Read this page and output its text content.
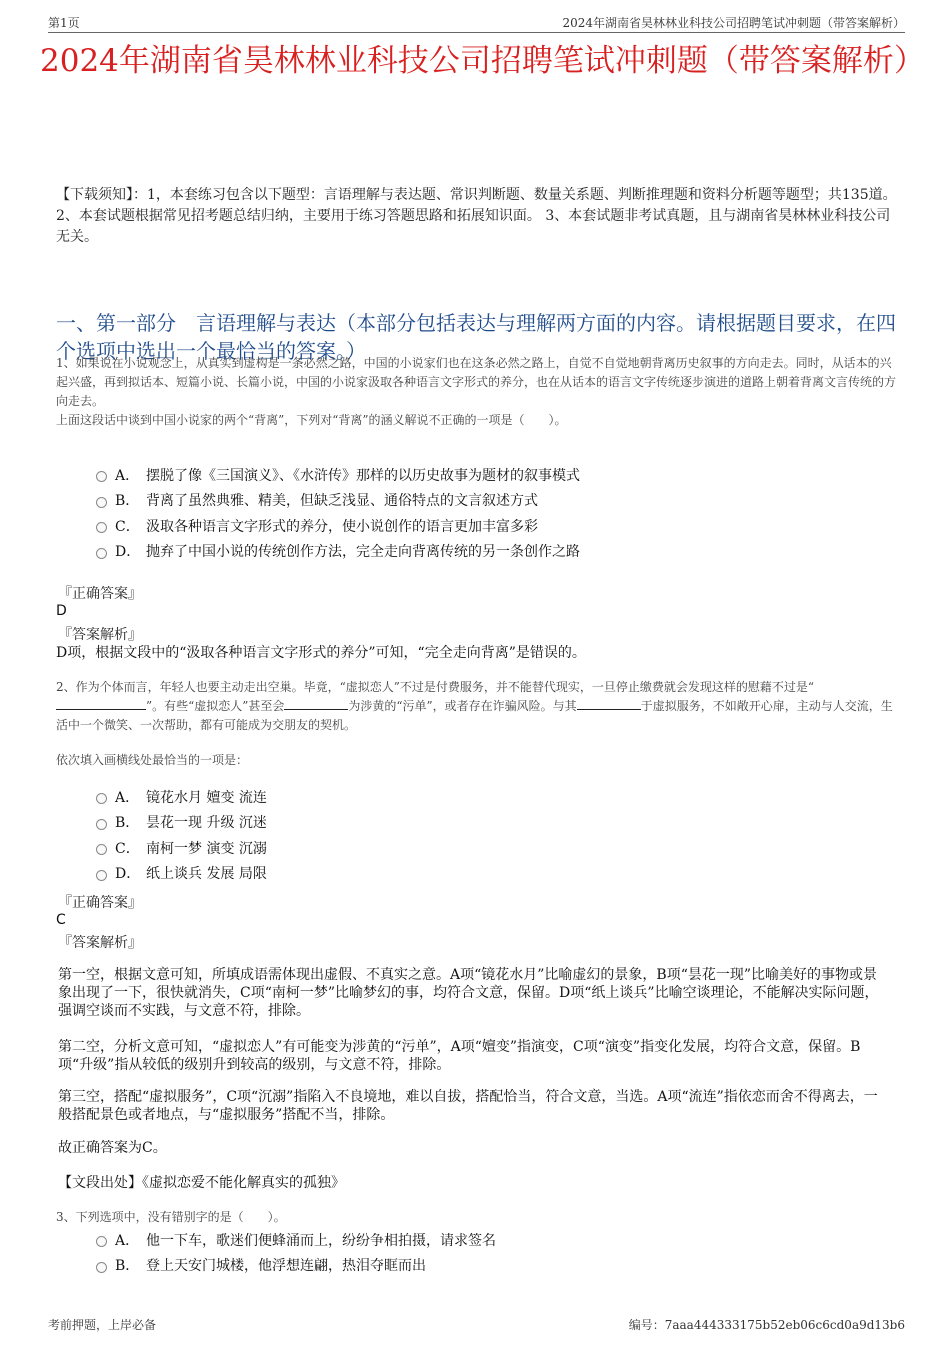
第1页	2024年湖南省昊林林业科技公司招聘笔试冲刺题（带答案解析）
2024年湖南省昊林林业科技公司招聘笔试冲刺题（带答案解析）
【下载须知】：1，本套练习包含以下题型：言语理解与表达题、常识判断题、数量关系题、判断推理题和资料分析题等题型；共135道。 2、本套试题根据常见招考题总结归纳，主要用于练习答题思路和拓展知识面。 3、本套试题非考试真题，且与湖南省昊林林业科技公司无关。
一、第一部分　言语理解与表达（本部分包括表达与理解两方面的内容。请根据题目要求，在四个选项中选出一个最恰当的答案。）
1、如果说在小说观念上，从真实到虚构是一条必然之路，中国的小说家们也在这条必然之路上，自觉不自觉地朝背离历史叙事的方向走去。同时，从话本的兴起兴盛，再到拟话本、短篇小说、长篇小说，中国的小说家汲取各种语言文字形式的养分，也在从话本的语言文字传统逐步演进的道路上朝着背离文言传统的方向走去。
上面这段话中谈到中国小说家的两个“背离”，下列对“背离”的涵义解说不正确的一项是（　　）。
A． 摆脱了像《三国演义》、《水浒传》那样的以历史故事为题材的叙事模式
B． 背离了虽然典雅、精美，但缺乏浅显、通俗特点的文言叙述方式
C． 汲取各种语言文字形式的养分，使小说创作的语言更加丰富多彩
D． 抛弃了中国小说的传统创作方法，完全走向背离传统的另一条创作之路
『正确答案』
D
『答案解析』
D项，根据文段中的“汲取各种语言文字形式的养分”可知，“完全走向背离”是错误的。
2、作为个体而言，年轻人也要主动走出空巢。毕竟，“虚拟恋人”不过是付费服务，并不能替代现实，一旦停止缴费就会发现这样的慰藉不过是“”。有些“虚拟恋人”甚至会	为涉黄的“污单”，或者存在诈骗风险。与其	于虚拟服务，不如敞开心扉，主动与人交流，生活中一个微笑、一次帮助，都有可能成为交朋友的契机。
依次填入画横线处最恰当的一项是：
A． 镜花水月 嬗变 流连
B． 昙花一现 升级 沉迷
C． 南柯一梦 演变 沉溺
D． 纸上谈兵 发展 局限
『正确答案』
C
『答案解析』
第一空，根据文意可知，所填成语需体现出虚假、不真实之意。A项“镜花水月”比喻虚幻的景象，B项“昙花一现”比喻美好的事物或景象出现了一下，很快就消失，C项“南柯一梦”比喻梦幻的事，均符合文意，保留。D项“纸上谈兵”比喻空谈理论，不能解决实际问题，强调空谈而不实践，与文意不符，排除。
第二空，分析文意可知，“虚拟恋人”有可能变为涉黄的“污单”，A项“嬗变”指演变，C项“演变”指变化发展，均符合文意，保留。B项“升级”指从较低的级别升到较高的级别，与文意不符，排除。
第三空，搭配“虚拟服务”，C项“沉溺”指陷入不良境地，难以自拔，搭配恰当，符合文意，当选。A项“流连”指依恋而舍不得离去，一般搭配景色或者地点，与“虚拟服务”搭配不当，排除。
故正确答案为C。
【文段出处】《虚拟恋爱不能化解真实的孤独》
3、下列选项中，没有错别字的是（　　）。
A． 他一下车，歌迷们便蜂涌而上，纷纷争相拍摄，请求签名
B． 登上天安门城楼，他浮想连翩，热泪夺眶而出
考前押题，上岸必备	编号：7aaa444333175b52eb06c6cd0a9d13b6
